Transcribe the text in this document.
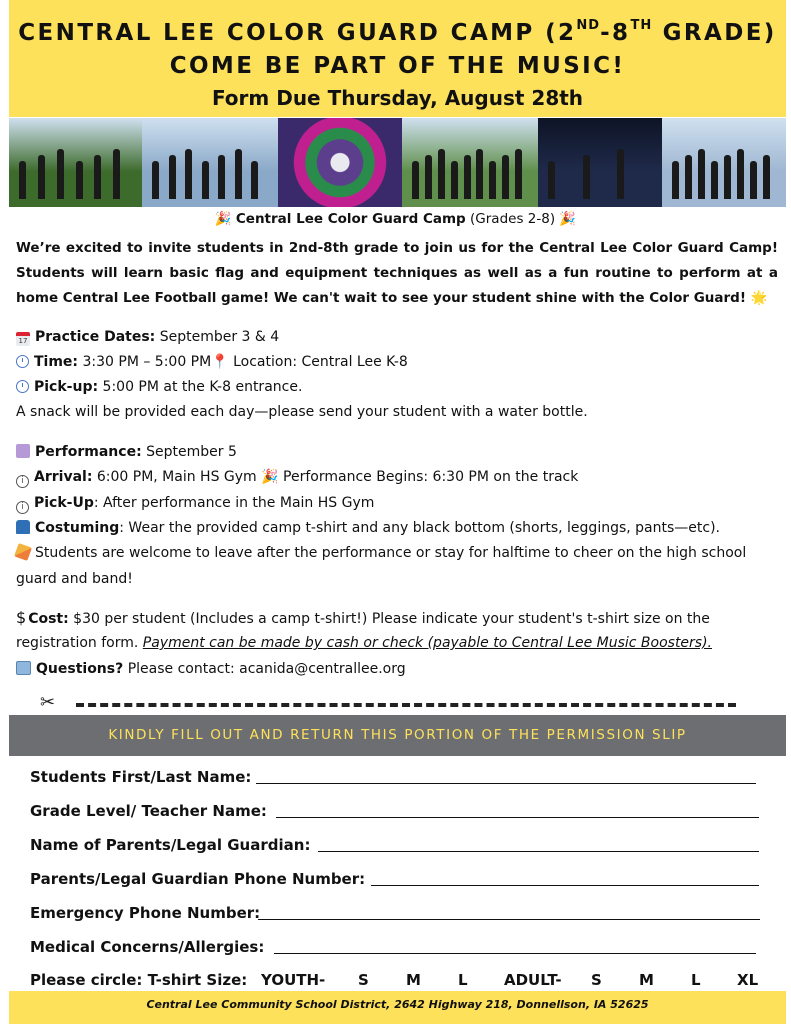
CENTRAL LEE COLOR GUARD CAMP (2ND-8TH GRADE)
COME BE PART OF THE MUSIC!
Form Due Thursday, August 28th
🎉 Central Lee Color Guard Camp (Grades 2-8) 🎉
We’re excited to invite students in 2nd-8th grade to join us for the Central Lee Color Guard Camp! Students will learn basic flag and equipment techniques as well as a fun routine to perform at a home Central Lee Football game! We can't wait to see your student shine with the Color Guard! 🌟
17 Practice Dates: September 3 & 4
Time: 3:30 PM – 5:00 PM📍 Location: Central Lee K-8
Pick-up: 5:00 PM at the K-8 entrance.
A snack will be provided each day—please send your student with a water bottle.
Performance: September 5
i Arrival: 6:00 PM, Main HS Gym 🎉 Performance Begins: 6:30 PM on the track
i Pick-Up: After performance in the Main HS Gym
Costuming: Wear the provided camp t-shirt and any black bottom (shorts, leggings, pants—etc).
Students are welcome to leave after the performance or stay for halftime to cheer on the high school
guard and band!
$ Cost: $30 per student (Includes a camp t-shirt!) Please indicate your student's t-shirt size on the
registration form. Payment can be made by cash or check (payable to Central Lee Music Boosters).
Questions? Please contact: acanida@centrallee.org
✂
KINDLY FILL OUT AND RETURN THIS PORTION OF THE PERMISSION SLIP
Students First/Last Name:
Grade Level/ Teacher Name:
Name of Parents/Legal Guardian:
Parents/Legal Guardian Phone Number:
Emergency Phone Number:
Medical Concerns/Allergies:
Please circle: T-shirt Size: YOUTH- S M L ADULT- S M L XL
Central Lee Community School District, 2642 Highway 218, Donnellson, IA 52625
